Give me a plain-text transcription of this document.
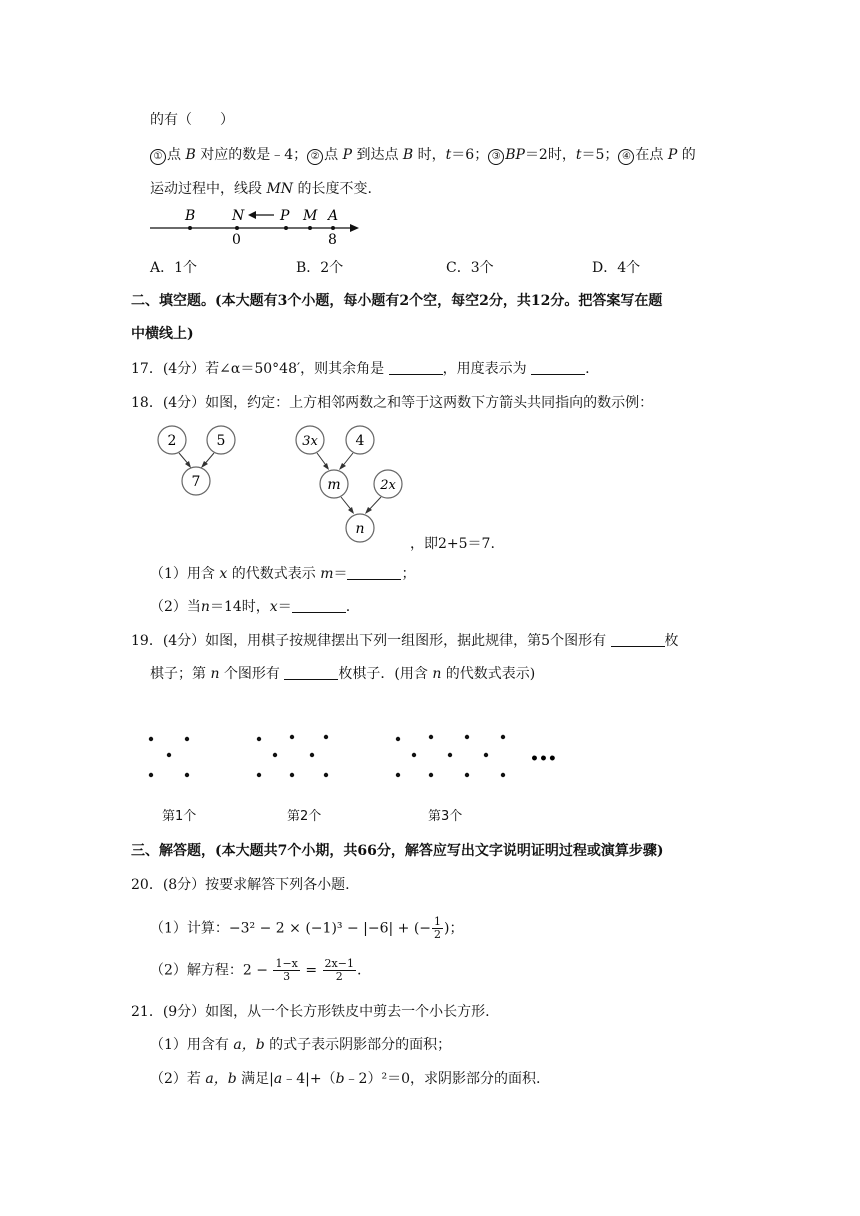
的有（　　）
① 点 B 对应的数是﹣4； ② 点 P 到达点 B 时，t＝6； ③ BP＝2时，t＝5； ④ 在点 P 的
运动过程中，线段 MN 的长度不变.
B	N	P M A
0	8
A．1个	B．2个	C．3个	D．4个
二、填空题。(本大题有3个小题，每小题有2个空，每空2分，共12分。把答案写在题
中横线上)
17．(4分）若∠α＝50°48′，则其余角是	，用度表示为	.
18．(4分）如图，约定：上方相邻两数之和等于这两数下方箭头共同指向的数示例：
2	5
7
3x	4
m	2x
n
，即2+5＝7.
（1）用含 x 的代数式表示 m＝	；
（2）当n＝14时，x＝	.
19．(4分）如图，用棋子按规律摆出下列一组图形，据此规律，第5个图形有	枚
棋子；第 n 个图形有	枚棋子．(用含 n 的代数式表示)
•••
第1个	第2个	第3个
三、解答题，(本大题共7个小期，共66分，解答应写出文字说明证明过程或演算步骤)
20．(8分）按要求解答下列各小题.
（1）计算：−3² − 2 × (−1)³ − |−6| + (− $\frac{1}{2}$ )；
（2）解方程：$2 - \frac{1-x}{3} = \frac{2x-1}{2}$ .
21．(9分）如图，从一个长方形铁皮中剪去一个小长方形.
（1）用含有 a，b 的式子表示阴影部分的面积；
（2）若 a，b 满足|a﹣4|+（b﹣2）²＝0，求阴影部分的面积.
